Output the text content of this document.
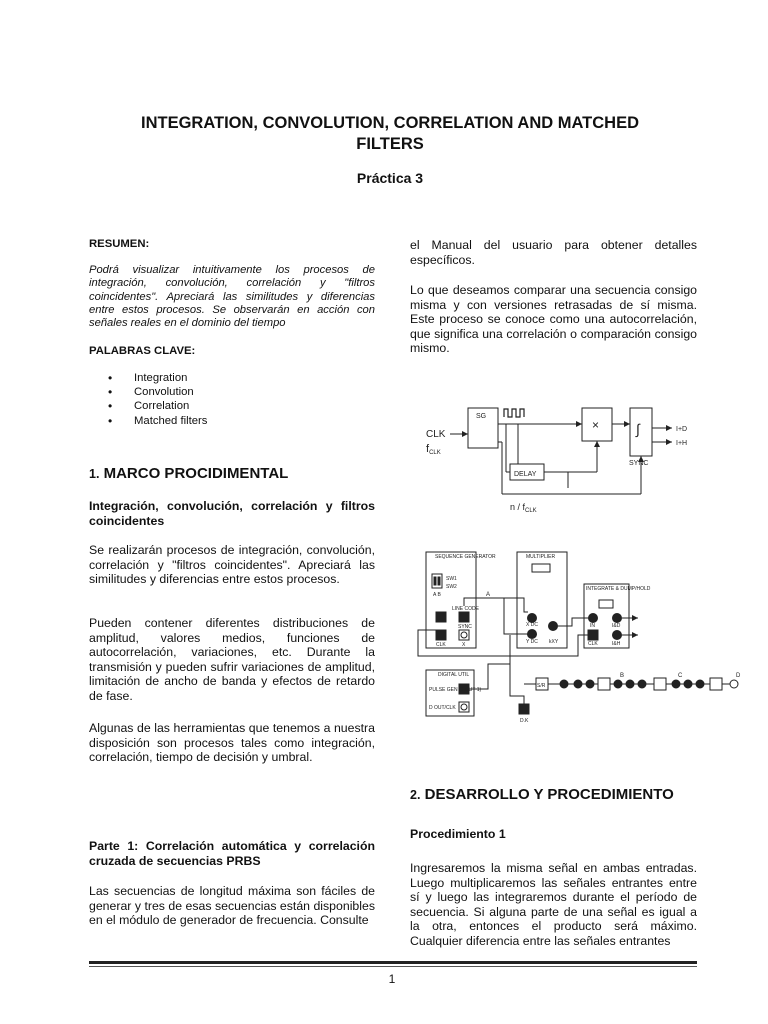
INTEGRATION, CONVOLUTION, CORRELATION AND MATCHED
FILTERS
Práctica 3
RESUMEN:
Podrá visualizar intuitivamente los procesos de integración, convolución, correlación y "filtros coincidentes". Apreciará las similitudes y diferencias entre estos procesos. Se observarán en acción con señales reales en el dominio del tiempo
PALABRAS CLAVE:
• Integration
• Convolution
• Correlation
• Matched filters
1. MARCO PROCIDIMENTAL
Integración, convolución, correlación y filtros coincidentes
Se realizarán procesos de integración, convolución, correlación y "filtros coincidentes". Apreciará las similitudes y diferencias entre estos procesos.
Pueden contener diferentes distribuciones de amplitud, valores medios, funciones de autocorrelación, variaciones, etc. Durante la transmisión y pueden sufrir variaciones de amplitud, limitación de ancho de banda y efectos de retardo de fase.
Algunas de las herramientas que tenemos a nuestra disposición son procesos tales como integración, correlación, tiempo de decisión y umbral.
Parte 1: Correlación automática y correlación cruzada de secuencias PRBS
Las secuencias de longitud máxima son fáciles de generar y tres de esas secuencias están disponibles en el módulo de generador de frecuencia. Consulte
el Manual del usuario para obtener detalles específicos.
Lo que deseamos comparar una secuencia consigo misma y con versiones retrasadas de sí misma. Este proceso se conoce como una autocorrelación, que significa una correlación o comparación consigo mismo.
CLK
fCLK
SG
×	∫
DELAY
SYNC
I+D
I+H
n / $f_{CLK}$
SEQUENCE GENERATOR
SW1
SW2
A B
LINE CODE
SYNC
CLK	X
MULTIPLIER
X DC
Y DC kXY
INTEGRATE & DUMP/HOLD
IN	I&D
CLK	I&H
DIGITAL UTIL
PULSE GEN (0 OUT 1)
D OUT/CLK
D.K
S/R
A
B	C	D
2. DESARROLLO Y PROCEDIMIENTO
Procedimiento 1
Ingresaremos la misma señal en ambas entradas. Luego multiplicaremos las señales entrantes entre sí y luego las integraremos durante el período de secuencia. Si alguna parte de una señal es igual a la otra, entonces el producto será máximo. Cualquier diferencia entre las señales entrantes
1
